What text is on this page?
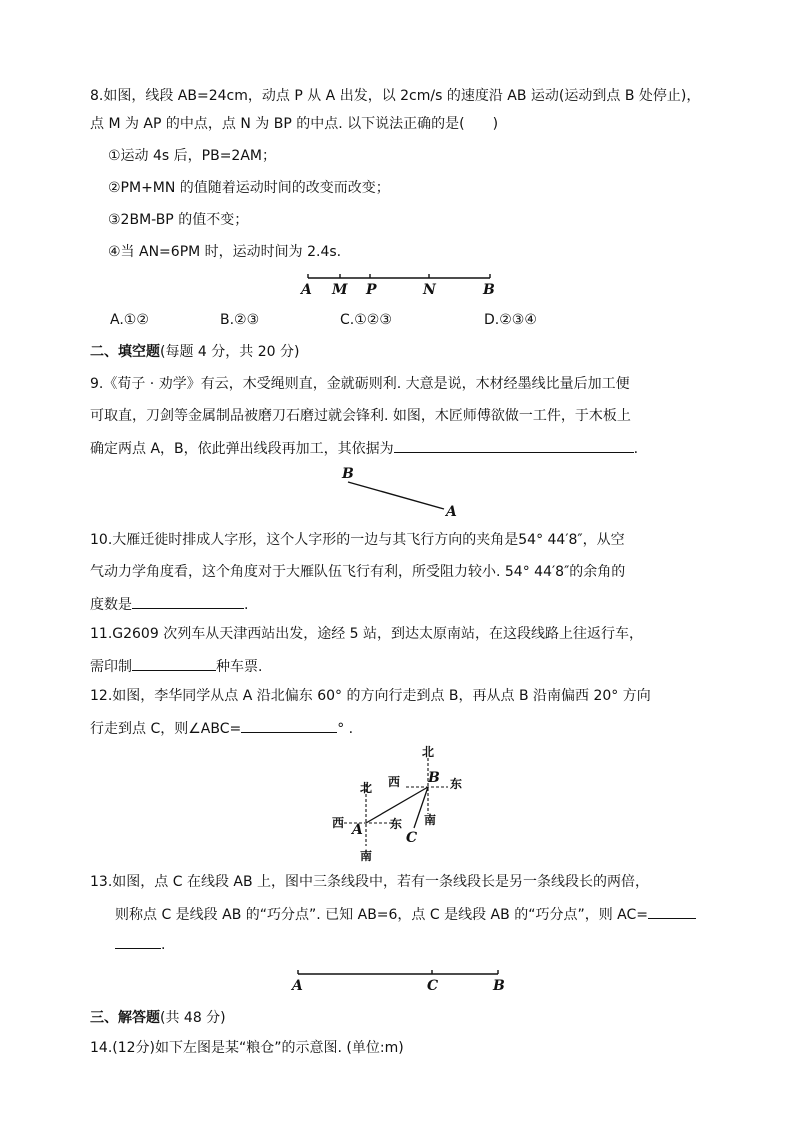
8.如图，线段 AB=24cm，动点 P 从 A 出发，以 2cm/s 的速度沿 AB 运动(运动到点 B 处停止)，
点 M 为 AP 的中点，点 N 为 BP 的中点. 以下说法正确的是(　　)
①运动 4s 后，PB=2AM；
②PM+MN 的值随着运动时间的改变而改变；
③2BM-BP 的值不变；
④当 AN=6PM 时，运动时间为 2.4s.
A M P	N	B
A.①②	B.②③	C.①②③	D.②③④
二、填空题(每题 4 分，共 20 分)
9.《荀子 · 劝学》有云，木受绳则直，金就砺则利. 大意是说，木材经墨线比量后加工便
可取直，刀剑等金属制品被磨刀石磨过就会锋利. 如图，木匠师傅欲做一工件，于木板上
确定两点 A，B，依此弹出线段再加工，其依据为	.
B
A
10.大雁迁徙时排成人字形，这个人字形的一边与其飞行方向的夹角是54° 44′8″，从空
气动力学角度看，这个角度对于大雁队伍飞行有利，所受阻力较小. 54° 44′8″的余角的
度数是	.
11.G2609 次列车从天津西站出发，途经 5 站，到达太原南站，在这段线路上往返行车，
需印制	种车票.
12.如图，李华同学从点 A 沿北偏东 60° 的方向行走到点 B，再从点 B 沿南偏西 20° 方向
行走到点 C，则∠ABC=	° .
北
西	东
南
北
西	东
南
A
B
C
13.如图，点 C 在线段 AB 上，图中三条线段中，若有一条线段长是另一条线段长的两倍，
则称点 C 是线段 AB 的“巧分点”. 已知 AB=6，点 C 是线段 AB 的“巧分点”，则 AC=
.
A	C	B
三、解答题(共 48 分)
14.(12分)如下左图是某“粮仓”的示意图. (单位:m)
